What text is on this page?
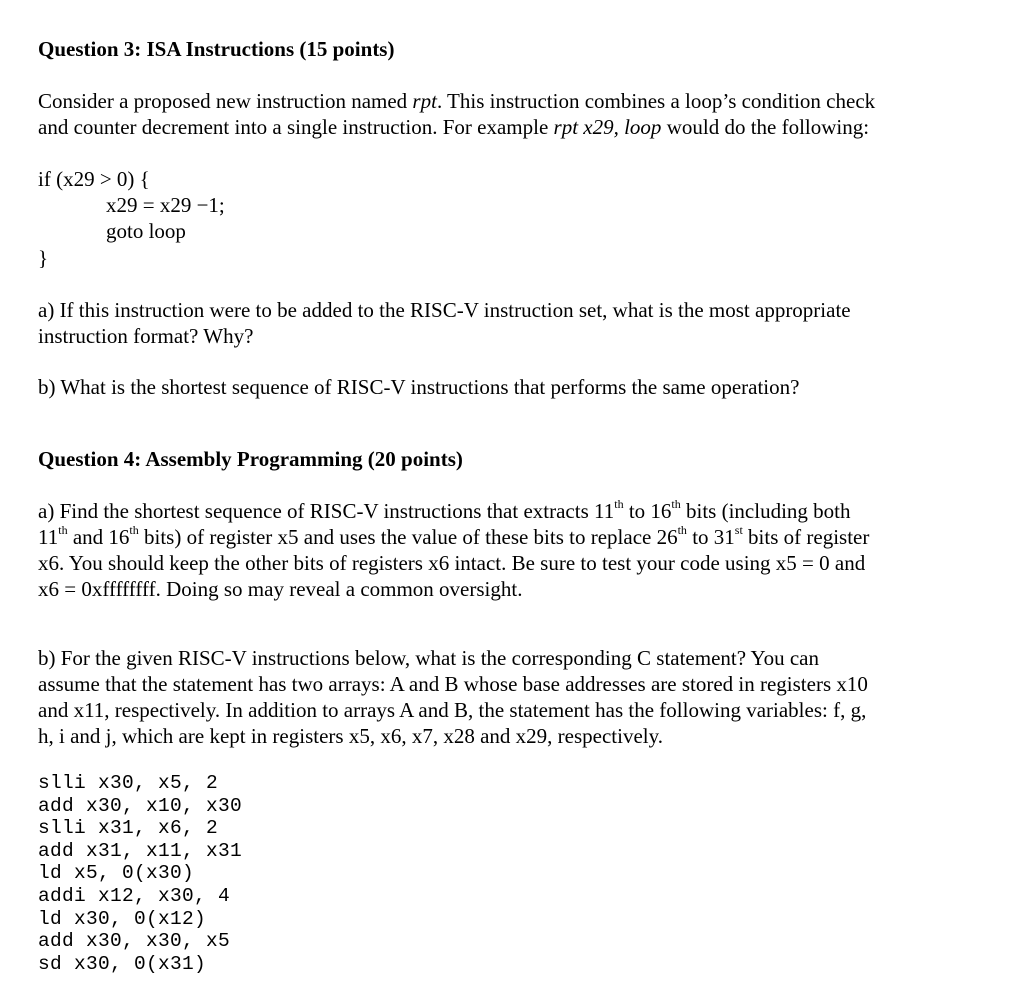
Question 3: ISA Instructions (15 points)
Consider a proposed new instruction named rpt. This instruction combines a loop’s condition check
and counter decrement into a single instruction. For example rpt x29, loop would do the following:
if (x29 > 0) {
x29 = x29 −1;
goto loop
}
a) If this instruction were to be added to the RISC-V instruction set, what is the most appropriate
instruction format? Why?
b) What is the shortest sequence of RISC-V instructions that performs the same operation?
Question 4: Assembly Programming (20 points)
a) Find the shortest sequence of RISC-V instructions that extracts 11th to 16th bits (including both
11th and 16th bits) of register x5 and uses the value of these bits to replace 26th to 31st bits of register
x6. You should keep the other bits of registers x6 intact. Be sure to test your code using x5 = 0 and
x6 = 0xffffffff. Doing so may reveal a common oversight.
b) For the given RISC-V instructions below, what is the corresponding C statement? You can
assume that the statement has two arrays: A and B whose base addresses are stored in registers x10
and x11, respectively. In addition to arrays A and B, the statement has the following variables: f, g,
h, i and j, which are kept in registers x5, x6, x7, x28 and x29, respectively.
slli x30, x5, 2
add x30, x10, x30
slli x31, x6, 2
add x31, x11, x31
ld x5, 0(x30)
addi x12, x30, 4
ld x30, 0(x12)
add x30, x30, x5
sd x30, 0(x31)
